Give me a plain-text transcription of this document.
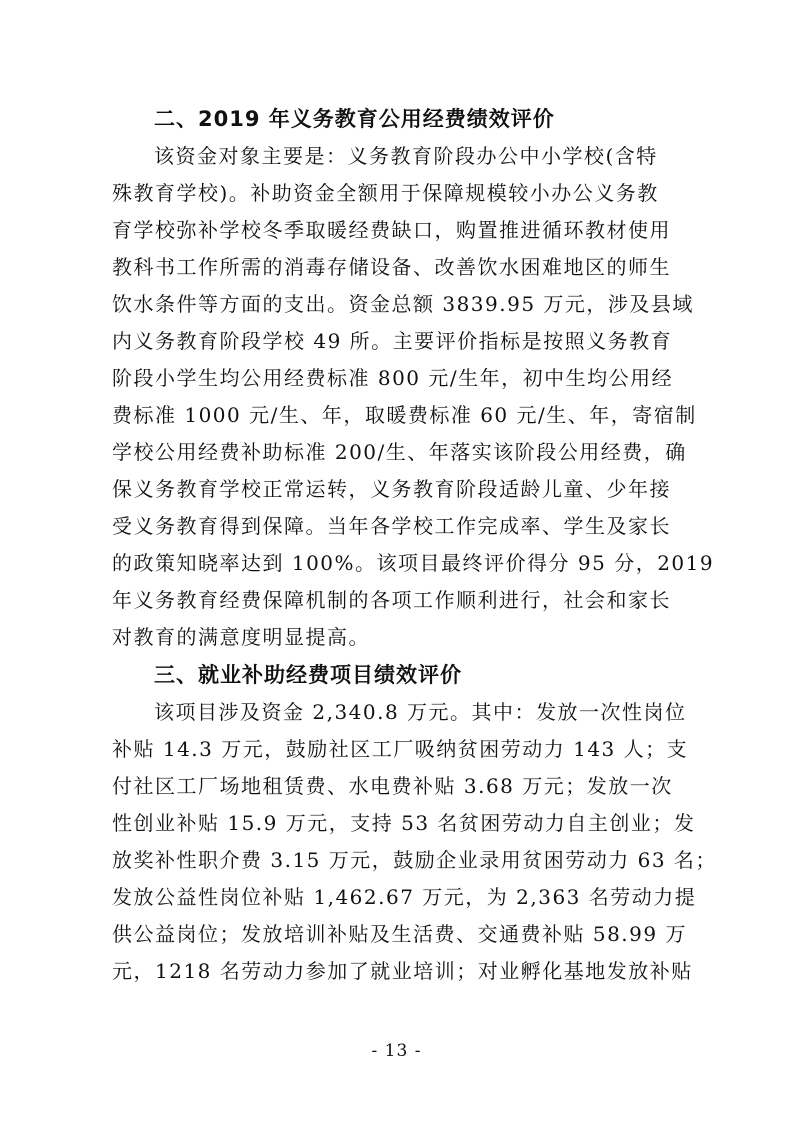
二、2019 年义务教育公用经费绩效评价
该资金对象主要是：义务教育阶段办公中小学校(含特
殊教育学校)。补助资金全额用于保障规模较小办公义务教
育学校弥补学校冬季取暖经费缺口，购置推进循环教材使用
教科书工作所需的消毒存储设备、改善饮水困难地区的师生
饮水条件等方面的支出。资金总额 3839.95 万元，涉及县域
内义务教育阶段学校 49 所。主要评价指标是按照义务教育
阶段小学生均公用经费标准 800 元/生年，初中生均公用经
费标准 1000 元/生、年，取暖费标准 60 元/生、年，寄宿制
学校公用经费补助标准 200/生、年落实该阶段公用经费，确
保义务教育学校正常运转，义务教育阶段适龄儿童、少年接
受义务教育得到保障。当年各学校工作完成率、学生及家长
的政策知晓率达到 100%。该项目最终评价得分 95 分，2019
年义务教育经费保障机制的各项工作顺利进行，社会和家长
对教育的满意度明显提高。
三、就业补助经费项目绩效评价
该项目涉及资金 2,340.8 万元。其中：发放一次性岗位
补贴 14.3 万元，鼓励社区工厂吸纳贫困劳动力 143 人；支
付社区工厂场地租赁费、水电费补贴 3.68 万元；发放一次
性创业补贴 15.9 万元，支持 53 名贫困劳动力自主创业；发
放奖补性职介费 3.15 万元，鼓励企业录用贫困劳动力 63 名；
发放公益性岗位补贴 1,462.67 万元，为 2,363 名劳动力提
供公益岗位；发放培训补贴及生活费、交通费补贴 58.99 万
元，1218 名劳动力参加了就业培训；对业孵化基地发放补贴
- 13 -
